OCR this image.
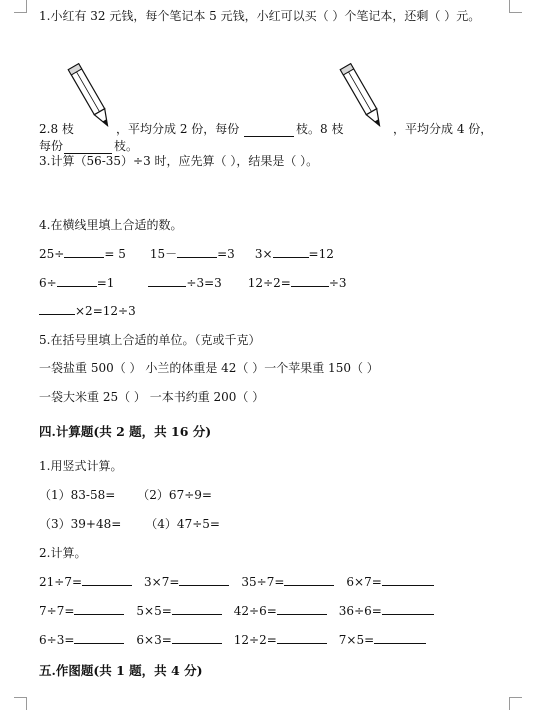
1.小红有 32 元钱，每个笔记本 5 元钱，小红可以买（ ）个笔记本，还剩（ ）元。
2.8 枝	，平均分成 2 份，每份	枝。8 枝	，平均分成 4 份，
每份	枝。
3.计算（56-35）÷3 时，应先算（ ），结果是（ ）。
4.在横线里填上合适的数。
25÷	= 5 15－	=3 3×	=12
6÷	=1	÷3=3 12÷2=	÷3
×2=12÷3
5.在括号里填上合适的单位。（克或千克）
一袋盐重 500（ ） 小兰的体重是 42（ ）一个苹果重 150（ ）
一袋大米重 25（ ） 一本书约重 200（ ）
四.计算题(共 2 题，共 16 分)
1.用竖式计算。
（1）83-58= （2）67÷9=
（3）39+48= （4）47÷5=
2.计算。
21÷7=	3×7=	35÷7=	6×7=
7÷7=	5×5=	42÷6=	36÷6=
6÷3=	6×3=	12÷2=	7×5=
五.作图题(共 1 题，共 4 分)
